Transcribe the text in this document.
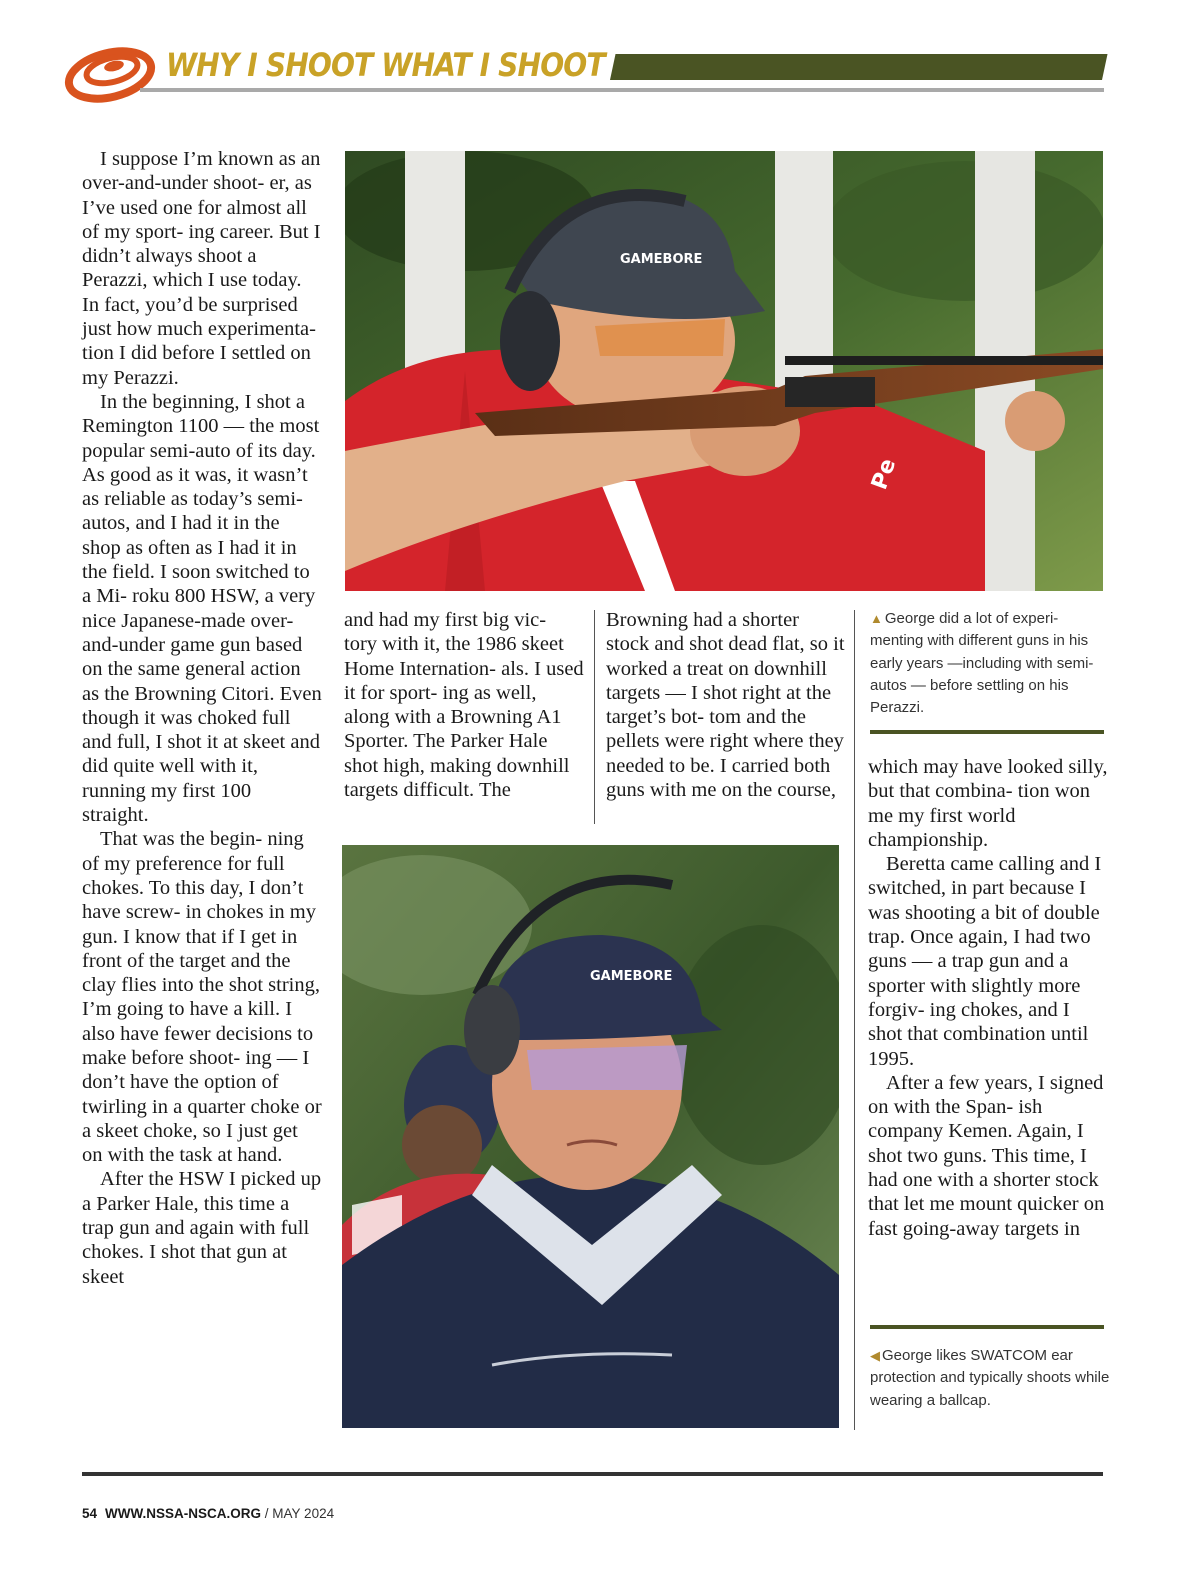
WHY I SHOOT WHAT I SHOOT

I suppose I’m known as an over-and-under shoot- er, as I’ve used one for almost all of my sport- ing career. But I didn’t always shoot a Perazzi, which I use today. In fact, you’d be surprised just how much experimenta- tion I did before I settled on my Perazzi.

In the beginning, I shot a Remington 1100 — the most popular semi-auto of its day. As good as it was, it wasn’t as reliable as today’s semi-autos, and I had it in the shop as often as I had it in the field. I soon switched to a Mi- roku 800 HSW, a very nice Japanese-made over-and-under game gun based on the same general action as the Browning Citori. Even though it was choked full and full, I shot it at skeet and did quite well with it, running my first 100 straight.

That was the begin- ning of my preference for full chokes. To this day, I don’t have screw- in chokes in my gun. I know that if I get in front of the target and the clay flies into the shot string, I’m going to have a kill. I also have fewer decisions to make before shoot- ing — I don’t have the option of twirling in a quarter choke or a skeet choke, so I just get on with the task at hand.

After the HSW I picked up a Parker Hale, this time a trap gun and again with full chokes. I shot that gun at skeet

and had my first big vic- tory with it, the 1986 skeet Home Internation- als. I used it for sport- ing as well, along with a Browning A1 Sporter. The Parker Hale shot high, making downhill targets difficult. The

Browning had a shorter stock and shot dead flat, so it worked a treat on downhill targets — I shot right at the target’s bot- tom and the pellets were right where they needed to be. I carried both guns with me on the course,

which may have looked silly, but that combina- tion won me my first world championship.

Beretta came calling and I switched, in part because I was shooting a bit of double trap. Once again, I had two guns — a trap gun and a sporter with slightly more forgiv- ing chokes, and I shot that combination until 1995.

After a few years, I signed on with the Span- ish company Kemen. Again, I shot two guns. This time, I had one with a shorter stock that let me mount quicker on fast going-away targets in

▲ George did a lot of experi- menting with different guns in his early years —including with semi-autos — before settling on his Perazzi.
◀ George likes SWATCOM ear protection and typically shoots while wearing a ballcap.
GAMEBORE
Pe
GAMEBORE
54 WWW.NSSA-NSCA.ORG / MAY 2024
